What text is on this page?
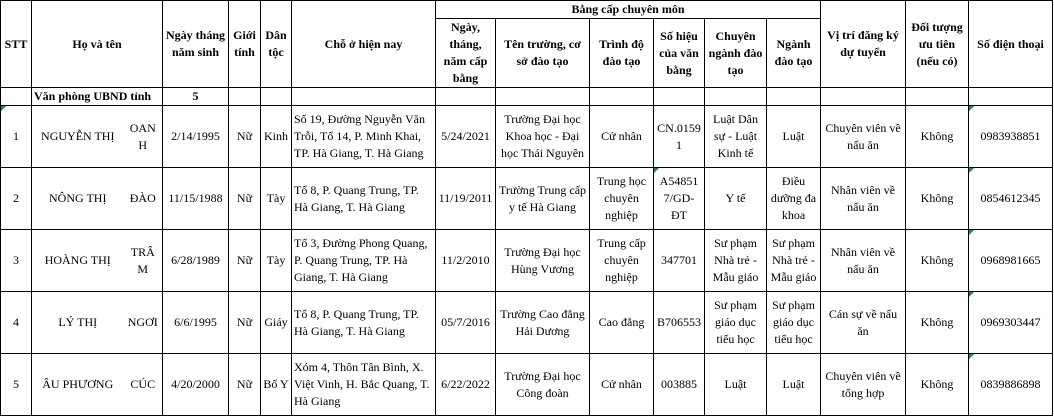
STT	Họ và tên		Ngày tháng năm sinh	Giới tính	Dân tộc	Chỗ ở hiện nay	Bằng cấp chuyên môn						Vị trí đăng ký dự tuyển	Đối tượng ưu tiên (nếu có)	Số điện thoại
							Ngày, tháng, năm cấp bằng	Tên trường, cơ sở đào tạo	Trình độ đào tạo	Số hiệu của văn bằng	Chuyên ngành đào tạo	Ngành đào tạo			
	Văn phòng UBND tỉnh		5												
1	NGUYỄN THỊ	OANH	2/14/1995	Nữ	Kinh	Số 19, Đường Nguyễn Văn Trỗi, Tổ 14, P. Minh Khai, TP. Hà Giang, T. Hà Giang	5/24/2021	Trường Đại học Khoa học - Đại học Thái Nguyên	Cử nhân	CN.0159 1	Luật Dân sự - Luật Kinh tế	Luật	Chuyên viên về nấu ăn	Không	0983938851
2	NÔNG THỊ	ĐÀO	11/15/1988	Nữ	Tày	Tổ 8, P. Quang Trung, TP. Hà Giang, T. Hà Giang	11/19/2011	Trường Trung cấp y tế Hà Giang	Trung học chuyên nghiệp	A54851 7/GD-ĐT	Y tế	Điều dưỡng đa khoa	Nhân viên về nấu ăn	Không	0854612345
3	HOÀNG THỊ	TRÂM	6/28/1989	Nữ	Tày	Tổ 3, Đường Phong Quang, P. Quang Trung, TP. Hà Giang, T. Hà Giang	11/2/2010	Trường Đại học Hùng Vương	Trung cấp chuyên nghiệp	347701	Sư phạm Nhà trẻ - Mẫu giáo	Sư phạm Nhà trẻ - Mẫu giáo	Nhân viên về nấu ăn	Không	0968981665
4	LÝ THỊ	NGƠI	6/6/1995	Nữ	Giáy	Tổ 8, P. Quang Trung, TP. Hà Giang, T. Hà Giang	05/7/2016	Trường Cao đẳng Hải Dương	Cao đẳng	B706553	Sư phạm giáo dục tiểu học	Sư phạm giáo dục tiểu học	Cán sự về nấu ăn	Không	0969303447
5	ÂU PHƯƠNG	CÚC	4/20/2000	Nữ	Bố Y	Xóm 4, Thôn Tân Bình, X. Việt Vinh, H. Bắc Quang, T. Hà Giang	6/22/2022	Trường Đại học Công đoàn	Cử nhân	003885	Luật	Luật	Chuyên viên về tổng hợp	Không	0839886898
